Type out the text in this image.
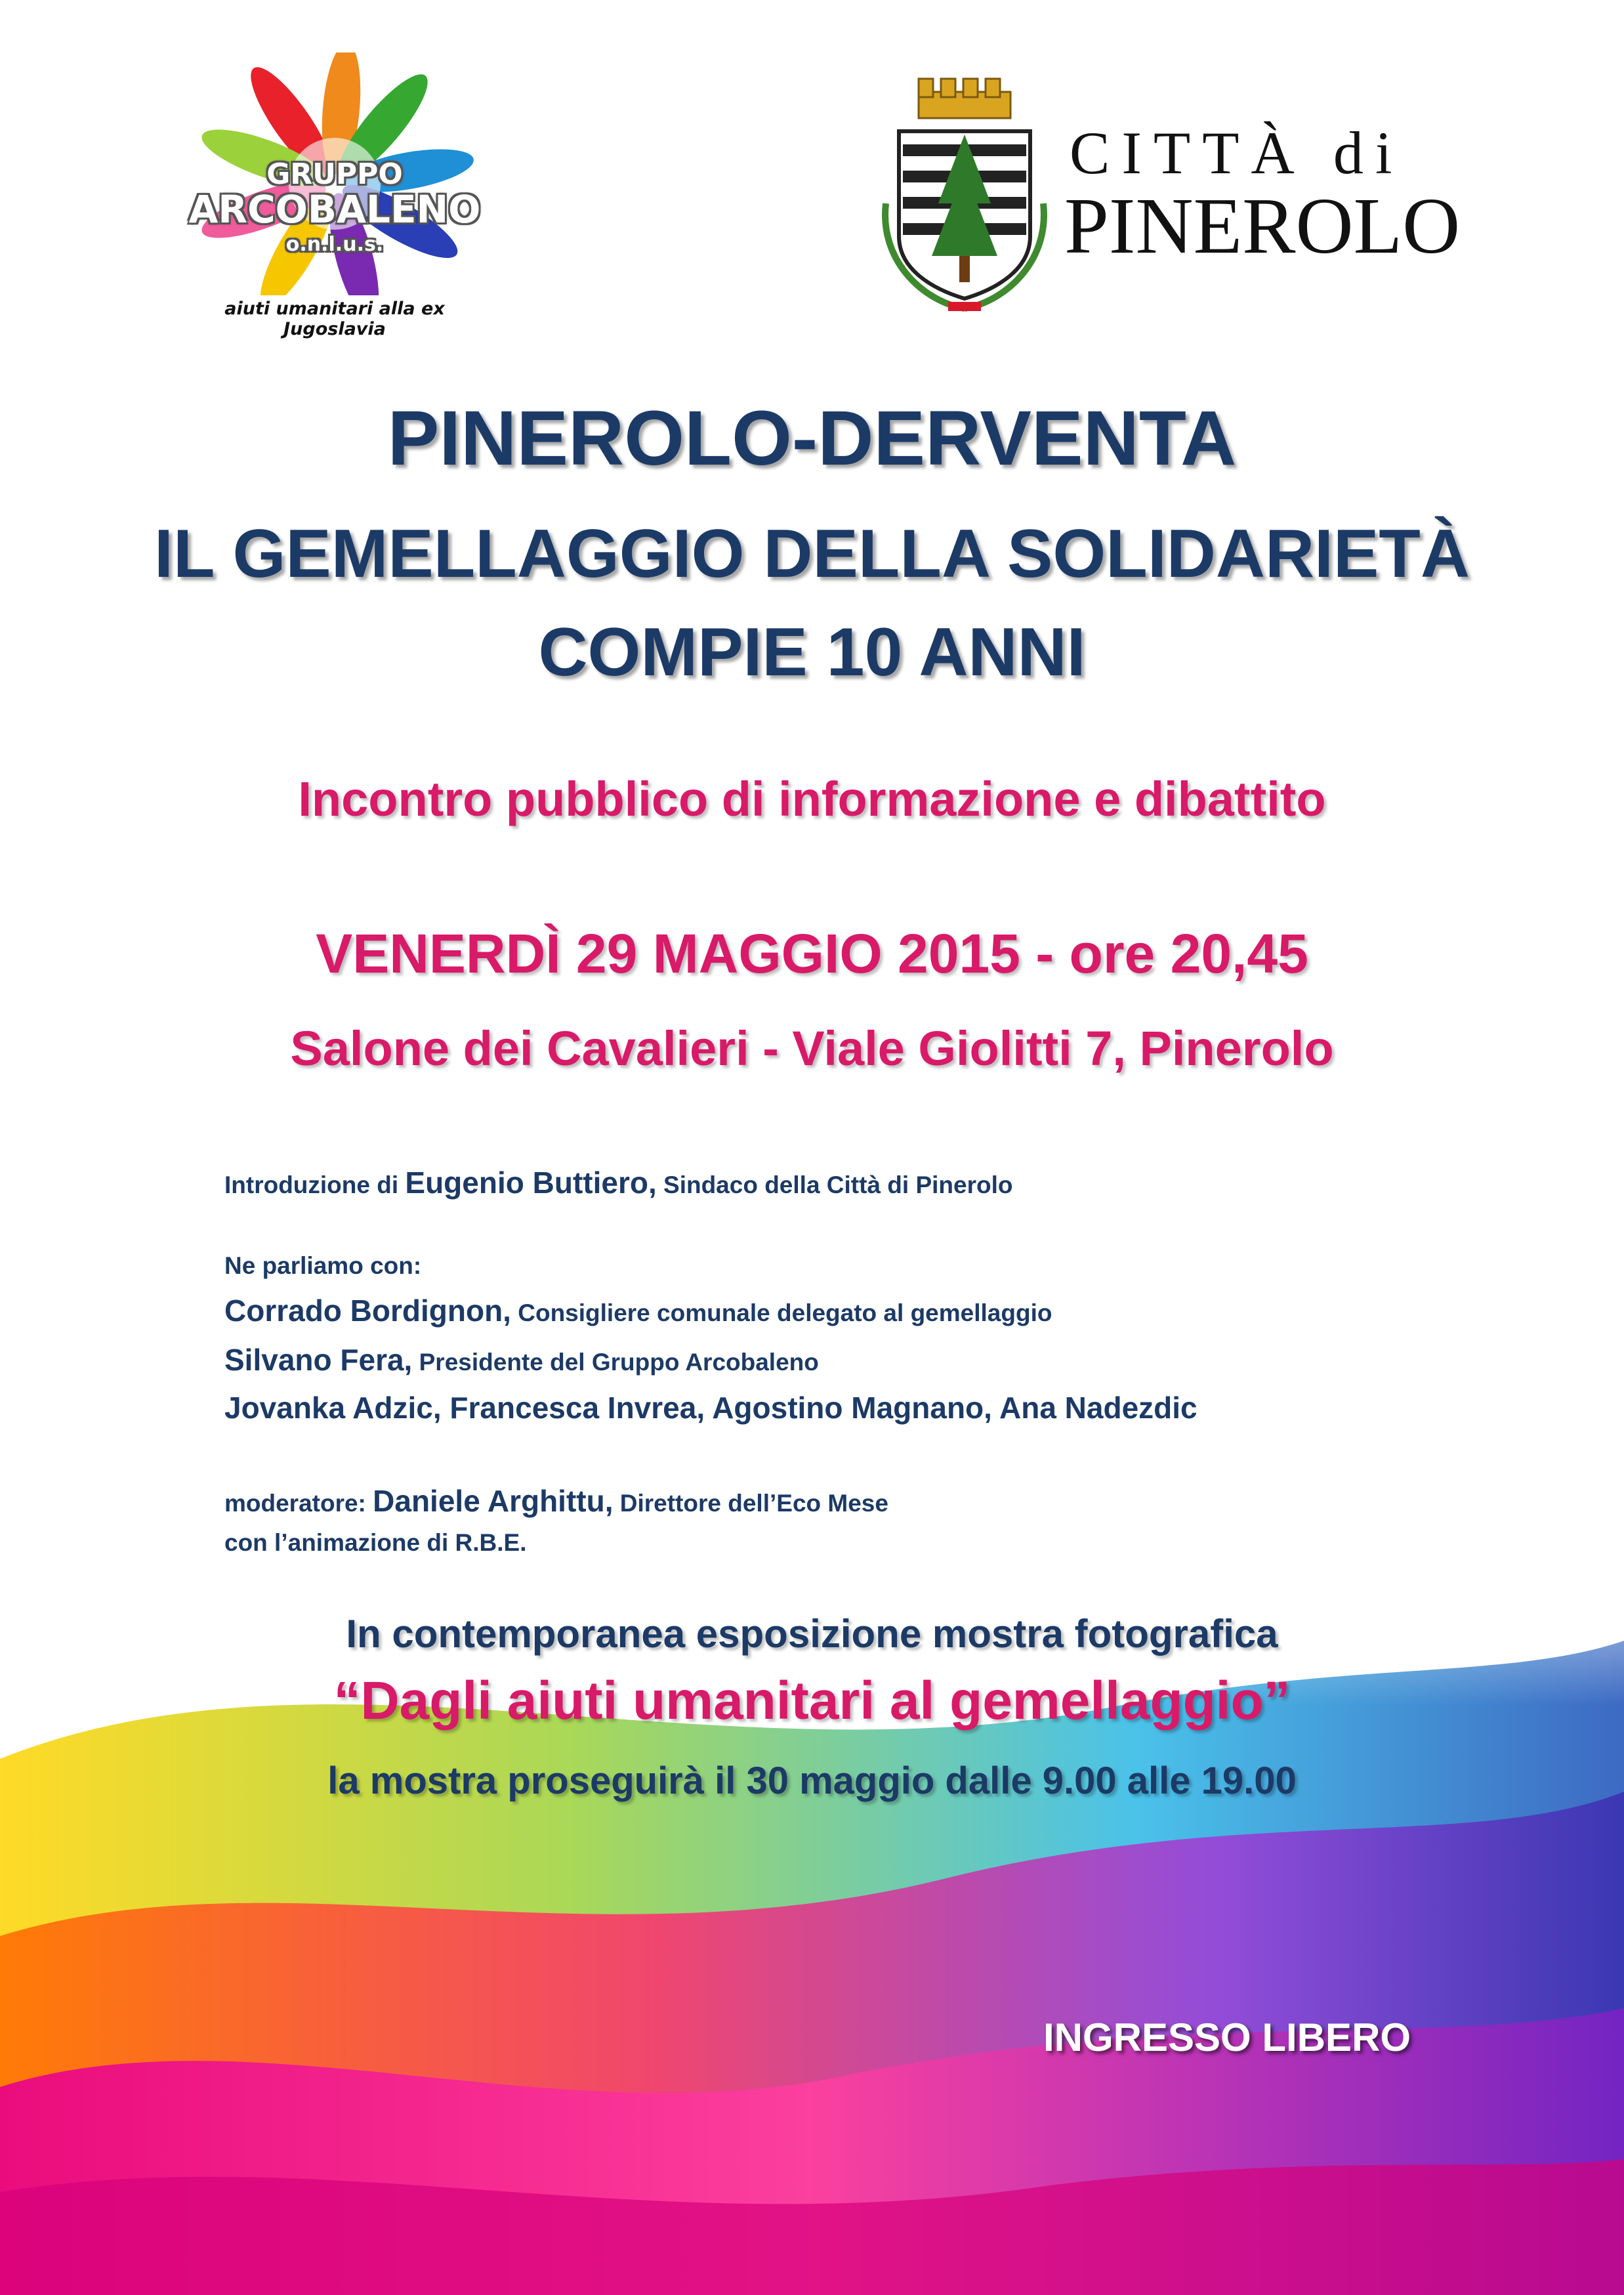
GRUPPO
ARCOBALENO
o.n.l.u.s.
aiuti umanitari alla ex Jugoslavia
CITTÀ di
PINEROLO
PINEROLO-DERVENTA
IL GEMELLAGGIO DELLA SOLIDARIETÀ
COMPIE 10 ANNI
Incontro pubblico di informazione e dibattito
VENERDÌ 29 MAGGIO 2015 - ore 20,45
Salone dei Cavalieri - Viale Giolitti 7, Pinerolo
Introduzione di Eugenio Buttiero, Sindaco della Città di Pinerolo
Ne parliamo con:
Corrado Bordignon, Consigliere comunale delegato al gemellaggio
Silvano Fera, Presidente del Gruppo Arcobaleno
Jovanka Adzic, Francesca Invrea, Agostino Magnano, Ana Nadezdic
moderatore: Daniele Arghittu, Direttore dell’Eco Mese
con l’animazione di R.B.E.
In contemporanea esposizione mostra fotografica
“Dagli aiuti umanitari al gemellaggio”
la mostra proseguirà il 30 maggio dalle 9.00 alle 19.00
INGRESSO LIBERO
